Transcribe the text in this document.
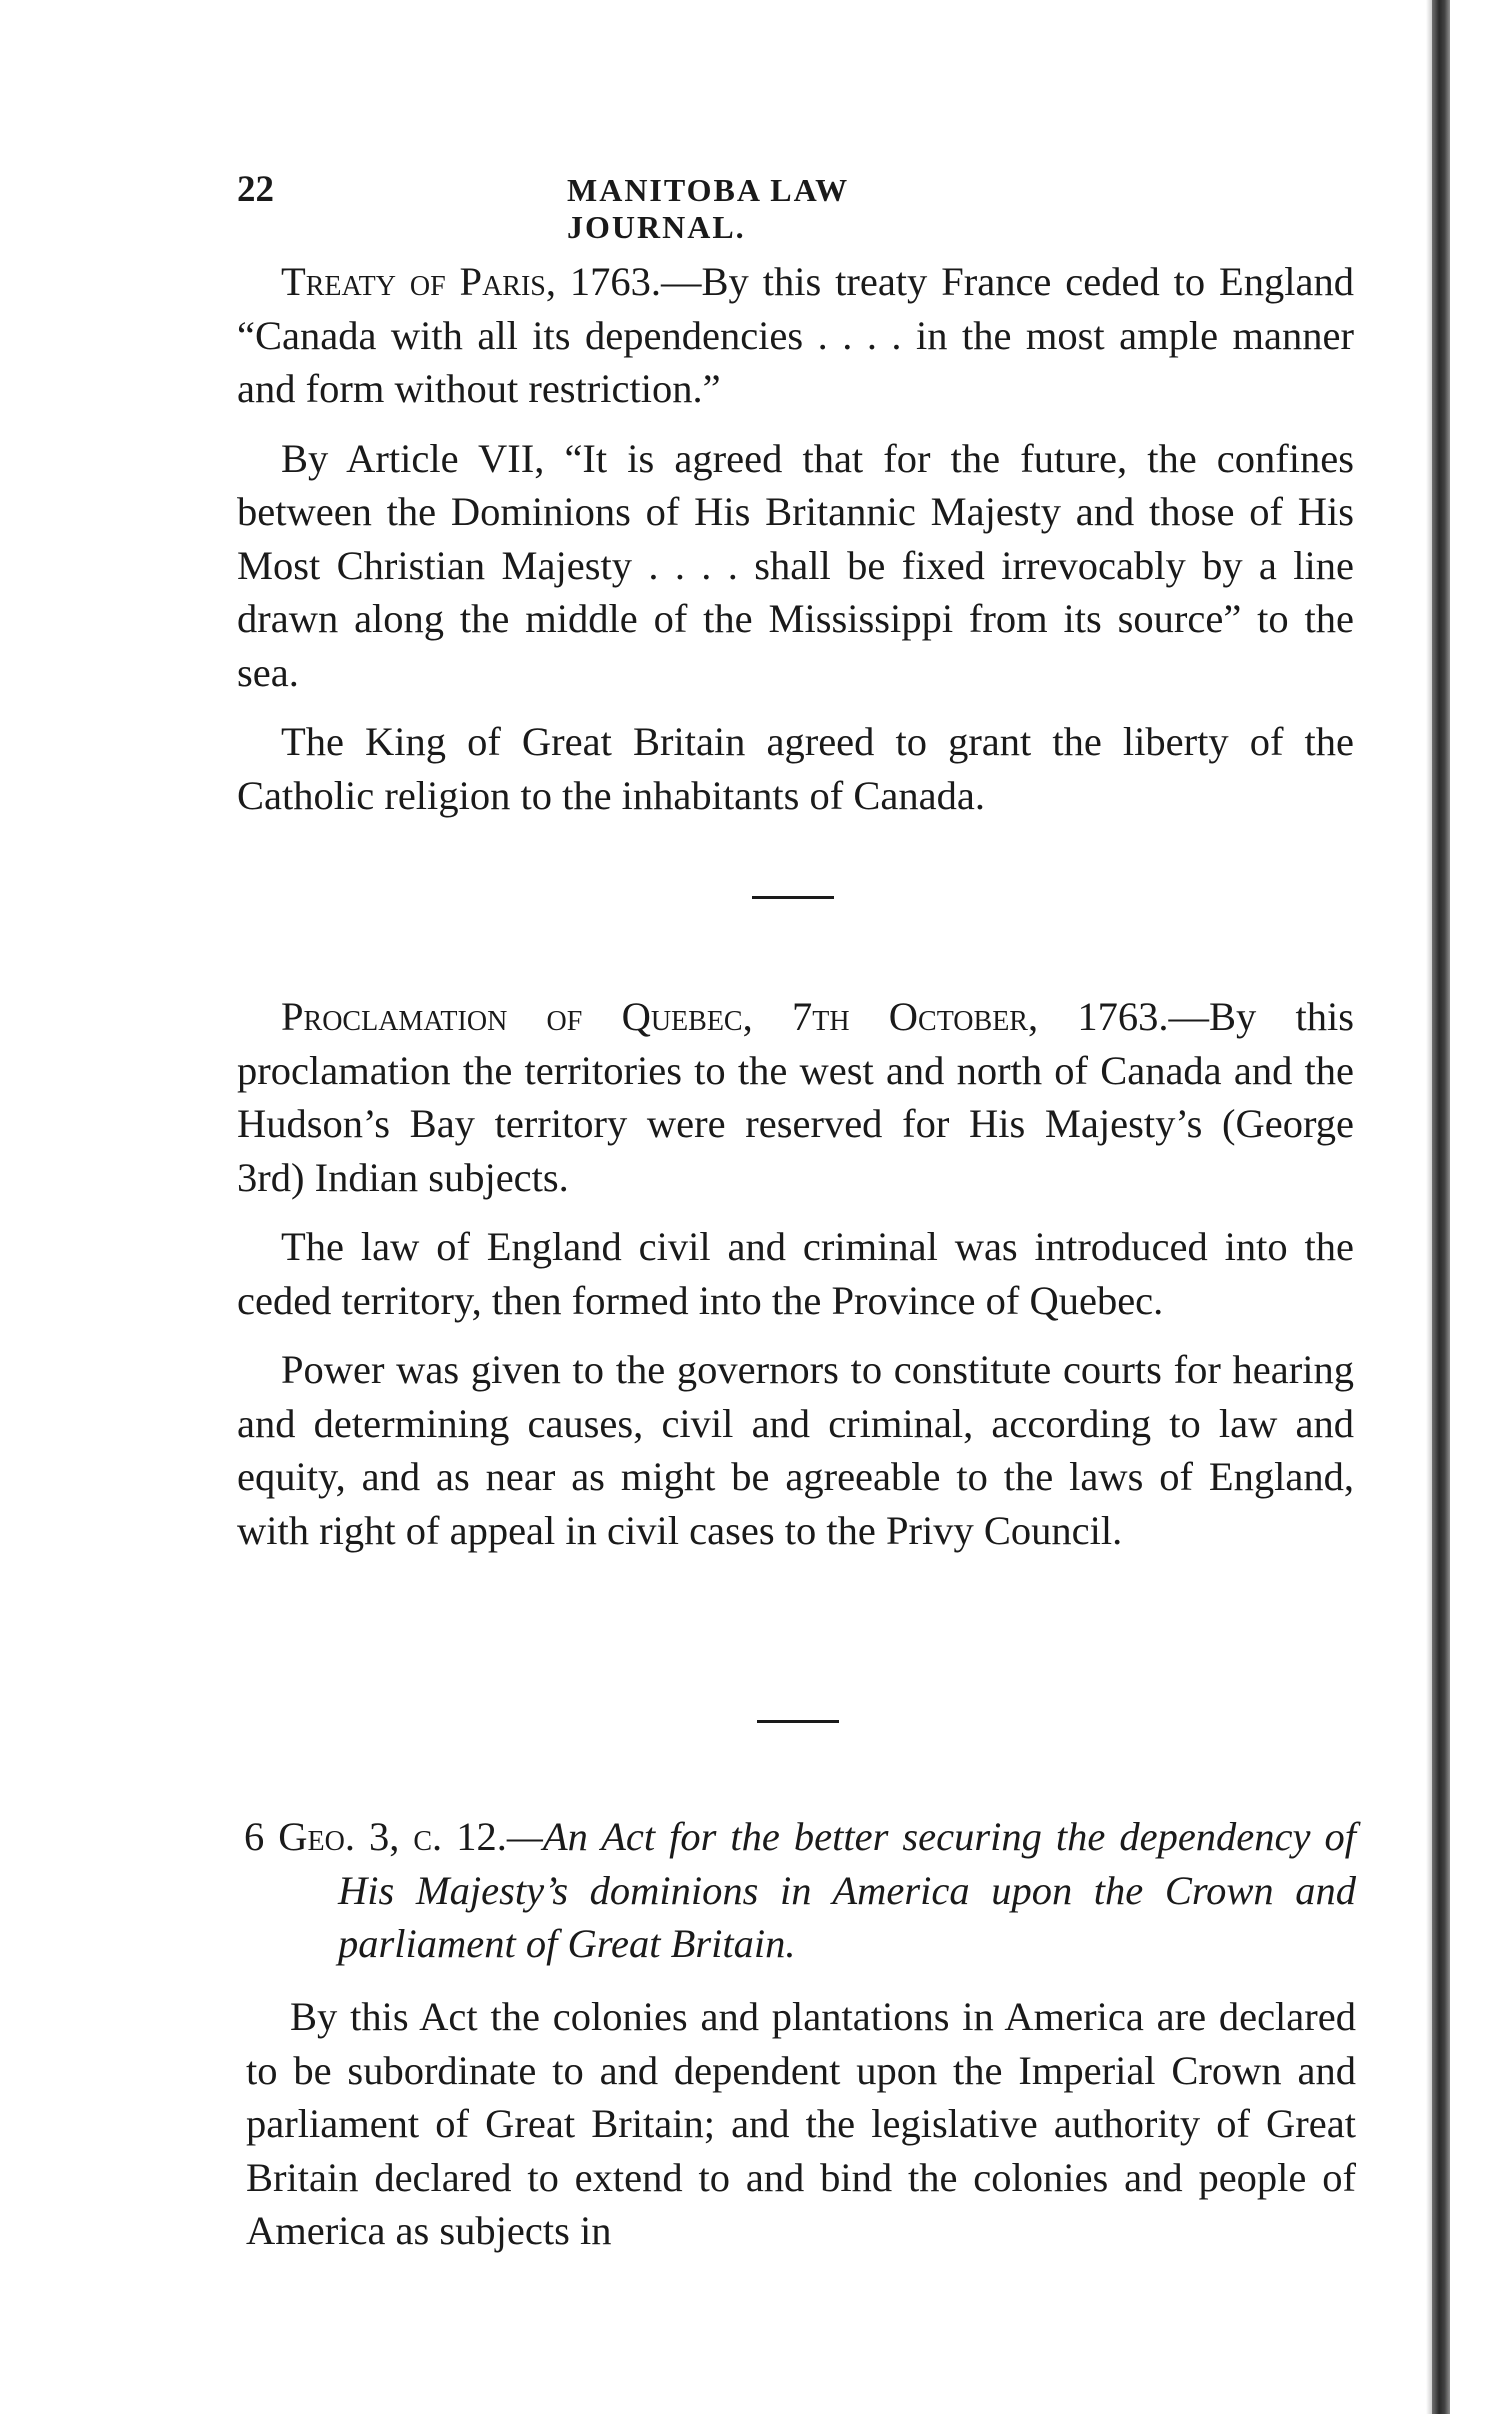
22	MANITOBA LAW JOURNAL.

Treaty of Paris, 1763.—By this treaty France ceded to England “Canada with all its dependencies . . . . in the most ample manner and form without restriction.”

By Article VII, “It is agreed that for the future, the confines between the Dominions of His Britannic Majesty and those of His Most Christian Majesty . . . . shall be fixed irrevocably by a line drawn along the middle of the Mississippi from its source” to the sea.

The King of Great Britain agreed to grant the liberty of the Catholic religion to the inhabitants of Canada.

Proclamation of Quebec, 7th October, 1763.—By this proclamation the territories to the west and north of Canada and the Hudson’s Bay territory were reserved for His Majesty’s (George 3rd) Indian subjects.

The law of England civil and criminal was introduced into the ceded territory, then formed into the Province of Quebec.

Power was given to the governors to constitute courts for hearing and determining causes, civil and criminal, according to law and equity, and as near as might be agreeable to the laws of England, with right of appeal in civil cases to the Privy Council.

6 Geo. 3, c. 12.—An Act for the better securing the dependency of His Majesty’s dominions in America upon the Crown and parliament of Great Britain.

By this Act the colonies and plantations in America are declared to be subordinate to and dependent upon the Imperial Crown and parliament of Great Britain; and the legislative authority of Great Britain declared to extend to and bind the colonies and people of America as subjects in
